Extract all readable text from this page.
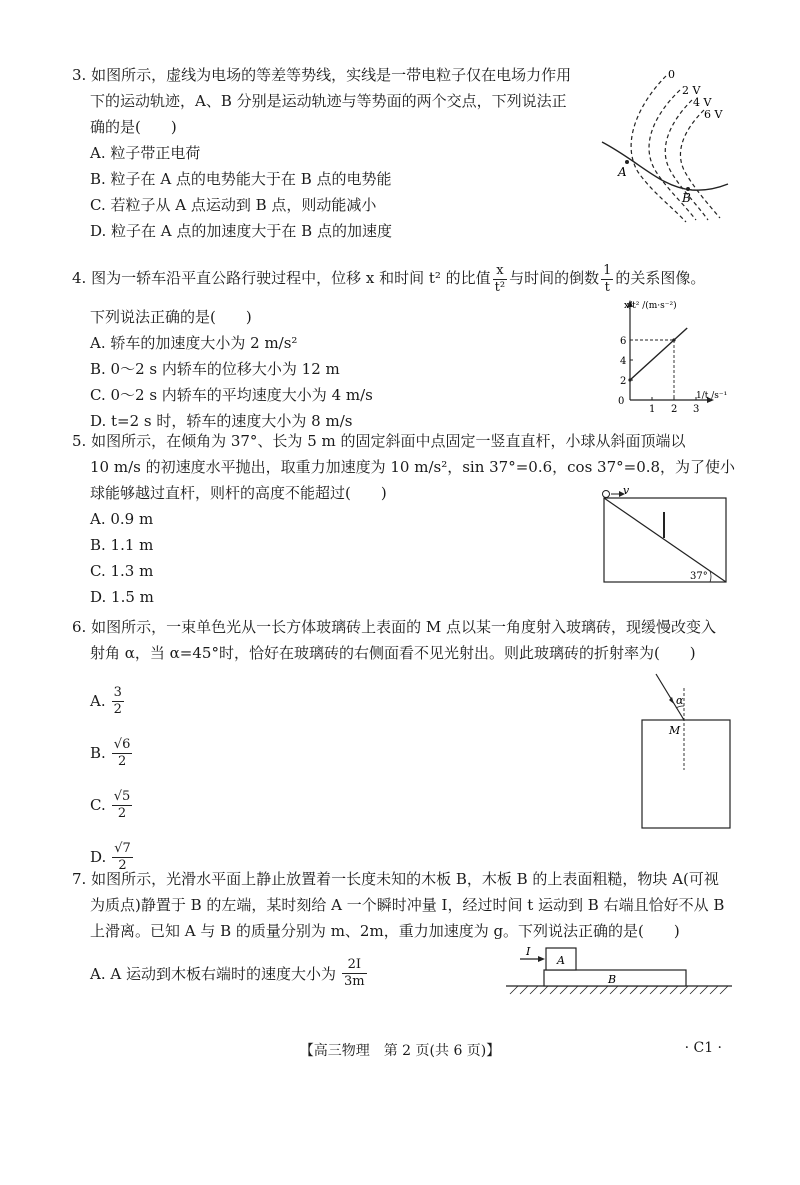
3. 如图所示，虚线为电场的等差等势线，实线是一带电粒子仅在电场力作用
下的运动轨迹，A、B 分别是运动轨迹与等势面的两个交点，下列说法正
确的是(　　)
A. 粒子带正电荷
B. 粒子在 A 点的电势能大于在 B 点的电势能
C. 若粒子从 A 点运动到 B 点，则动能减小
D. 粒子在 A 点的加速度大于在 B 点的加速度
0
2 V
4 V
6 V
A
B
4. 图为一轿车沿平直公路行驶过程中，位移 x 和时间 t² 的比值 $\frac{x}{\text{t²}}$ 与时间的倒数 $\frac{1}{t}$ 的关系图像。
下列说法正确的是(　　)
A. 轿车的加速度大小为 2 m/s²
B. 0～2 s 内轿车的位移大小为 12 m
C. 0～2 s 内轿车的平均速度大小为 4 m/s
D. t=2 s 时，轿车的速度大小为 8 m/s
x/t² /(m·s⁻²)
1/t /s⁻¹
0
1 2 3
2
4
6
5. 如图所示，在倾角为 37°、长为 5 m 的固定斜面中点固定一竖直直杆，小球从斜面顶端以
10 m/s 的初速度水平抛出，取重力加速度为 10 m/s²，sin 37°=0.6，cos 37°=0.8，为了使小
球能够越过直杆，则杆的高度不能超过(　　)
A. 0.9 m
B. 1.1 m
C. 1.3 m
D. 1.5 m
v
37°
6. 如图所示，一束单色光从一长方体玻璃砖上表面的 M 点以某一角度射入玻璃砖，现缓慢改变入
射角 α，当 α=45°时，恰好在玻璃砖的右侧面看不见光射出。则此玻璃砖的折射率为(　　)
A. $\frac{3}{2}$
B. $\frac{√6}{2}$
C. $\frac{√5}{2}$
D. $\frac{√7}{2}$
α
M
7. 如图所示，光滑水平面上静止放置着一长度未知的木板 B，木板 B 的上表面粗糙，物块 A(可视
为质点)静置于 B 的左端，某时刻给 A 一个瞬时冲量 I，经过时间 t 运动到 B 右端且恰好不从 B
上滑离。已知 A 与 B 的质量分别为 m、2m，重力加速度为 g。下列说法正确的是(　　)
A. A 运动到木板右端时的速度大小为 $\frac{2I}{3m}$
I
A
B
【高三物理　第 2 页(共 6 页)】	· C1 ·
